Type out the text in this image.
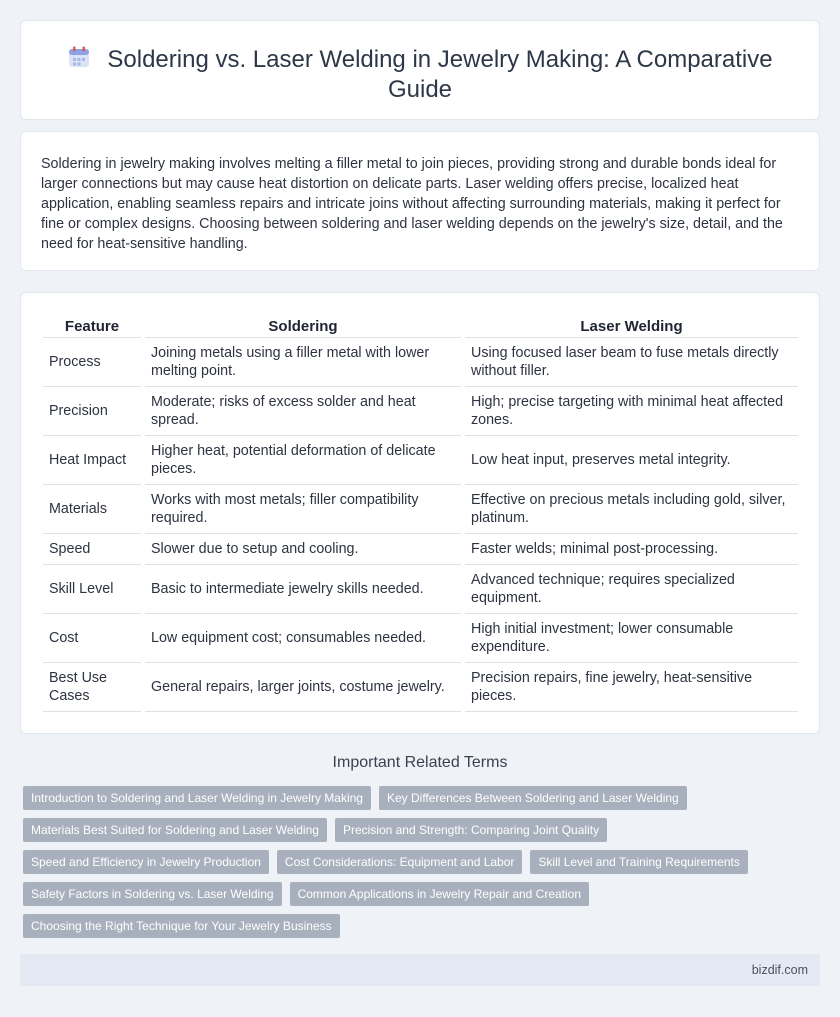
Soldering vs. Laser Welding in Jewelry Making: A Comparative Guide

Soldering in jewelry making involves melting a filler metal to join pieces, providing strong and durable bonds ideal for larger connections but may cause heat distortion on delicate parts. Laser welding offers precise, localized heat application, enabling seamless repairs and intricate joins without affecting surrounding materials, making it perfect for fine or complex designs. Choosing between soldering and laser welding depends on the jewelry's size, detail, and the need for heat-sensitive handling.

Feature		Soldering		Laser Welding
Process		Joining metals using a filler metal with lower melting point.		Using focused laser beam to fuse metals directly without filler.
Precision		Moderate; risks of excess solder and heat spread.		High; precise targeting with minimal heat affected zones.
Heat Impact		Higher heat, potential deformation of delicate pieces.		Low heat input, preserves metal integrity.
Materials		Works with most metals; filler compatibility required.		Effective on precious metals including gold, silver, platinum.
Speed		Slower due to setup and cooling.		Faster welds; minimal post-processing.
Skill Level		Basic to intermediate jewelry skills needed.		Advanced technique; requires specialized equipment.
Cost		Low equipment cost; consumables needed.		High initial investment; lower consumable expenditure.
Best Use Cases		General repairs, larger joints, costume jewelry.		Precision repairs, fine jewelry, heat-sensitive pieces.
Important Related Terms
Introduction to Soldering and Laser Welding in Jewelry Making	Key Differences Between Soldering and Laser Welding
Materials Best Suited for Soldering and Laser Welding	Precision and Strength: Comparing Joint Quality
Speed and Efficiency in Jewelry Production	Cost Considerations: Equipment and Labor	Skill Level and Training Requirements
Safety Factors in Soldering vs. Laser Welding	Common Applications in Jewelry Repair and Creation
Choosing the Right Technique for Your Jewelry Business
bizdif.com
